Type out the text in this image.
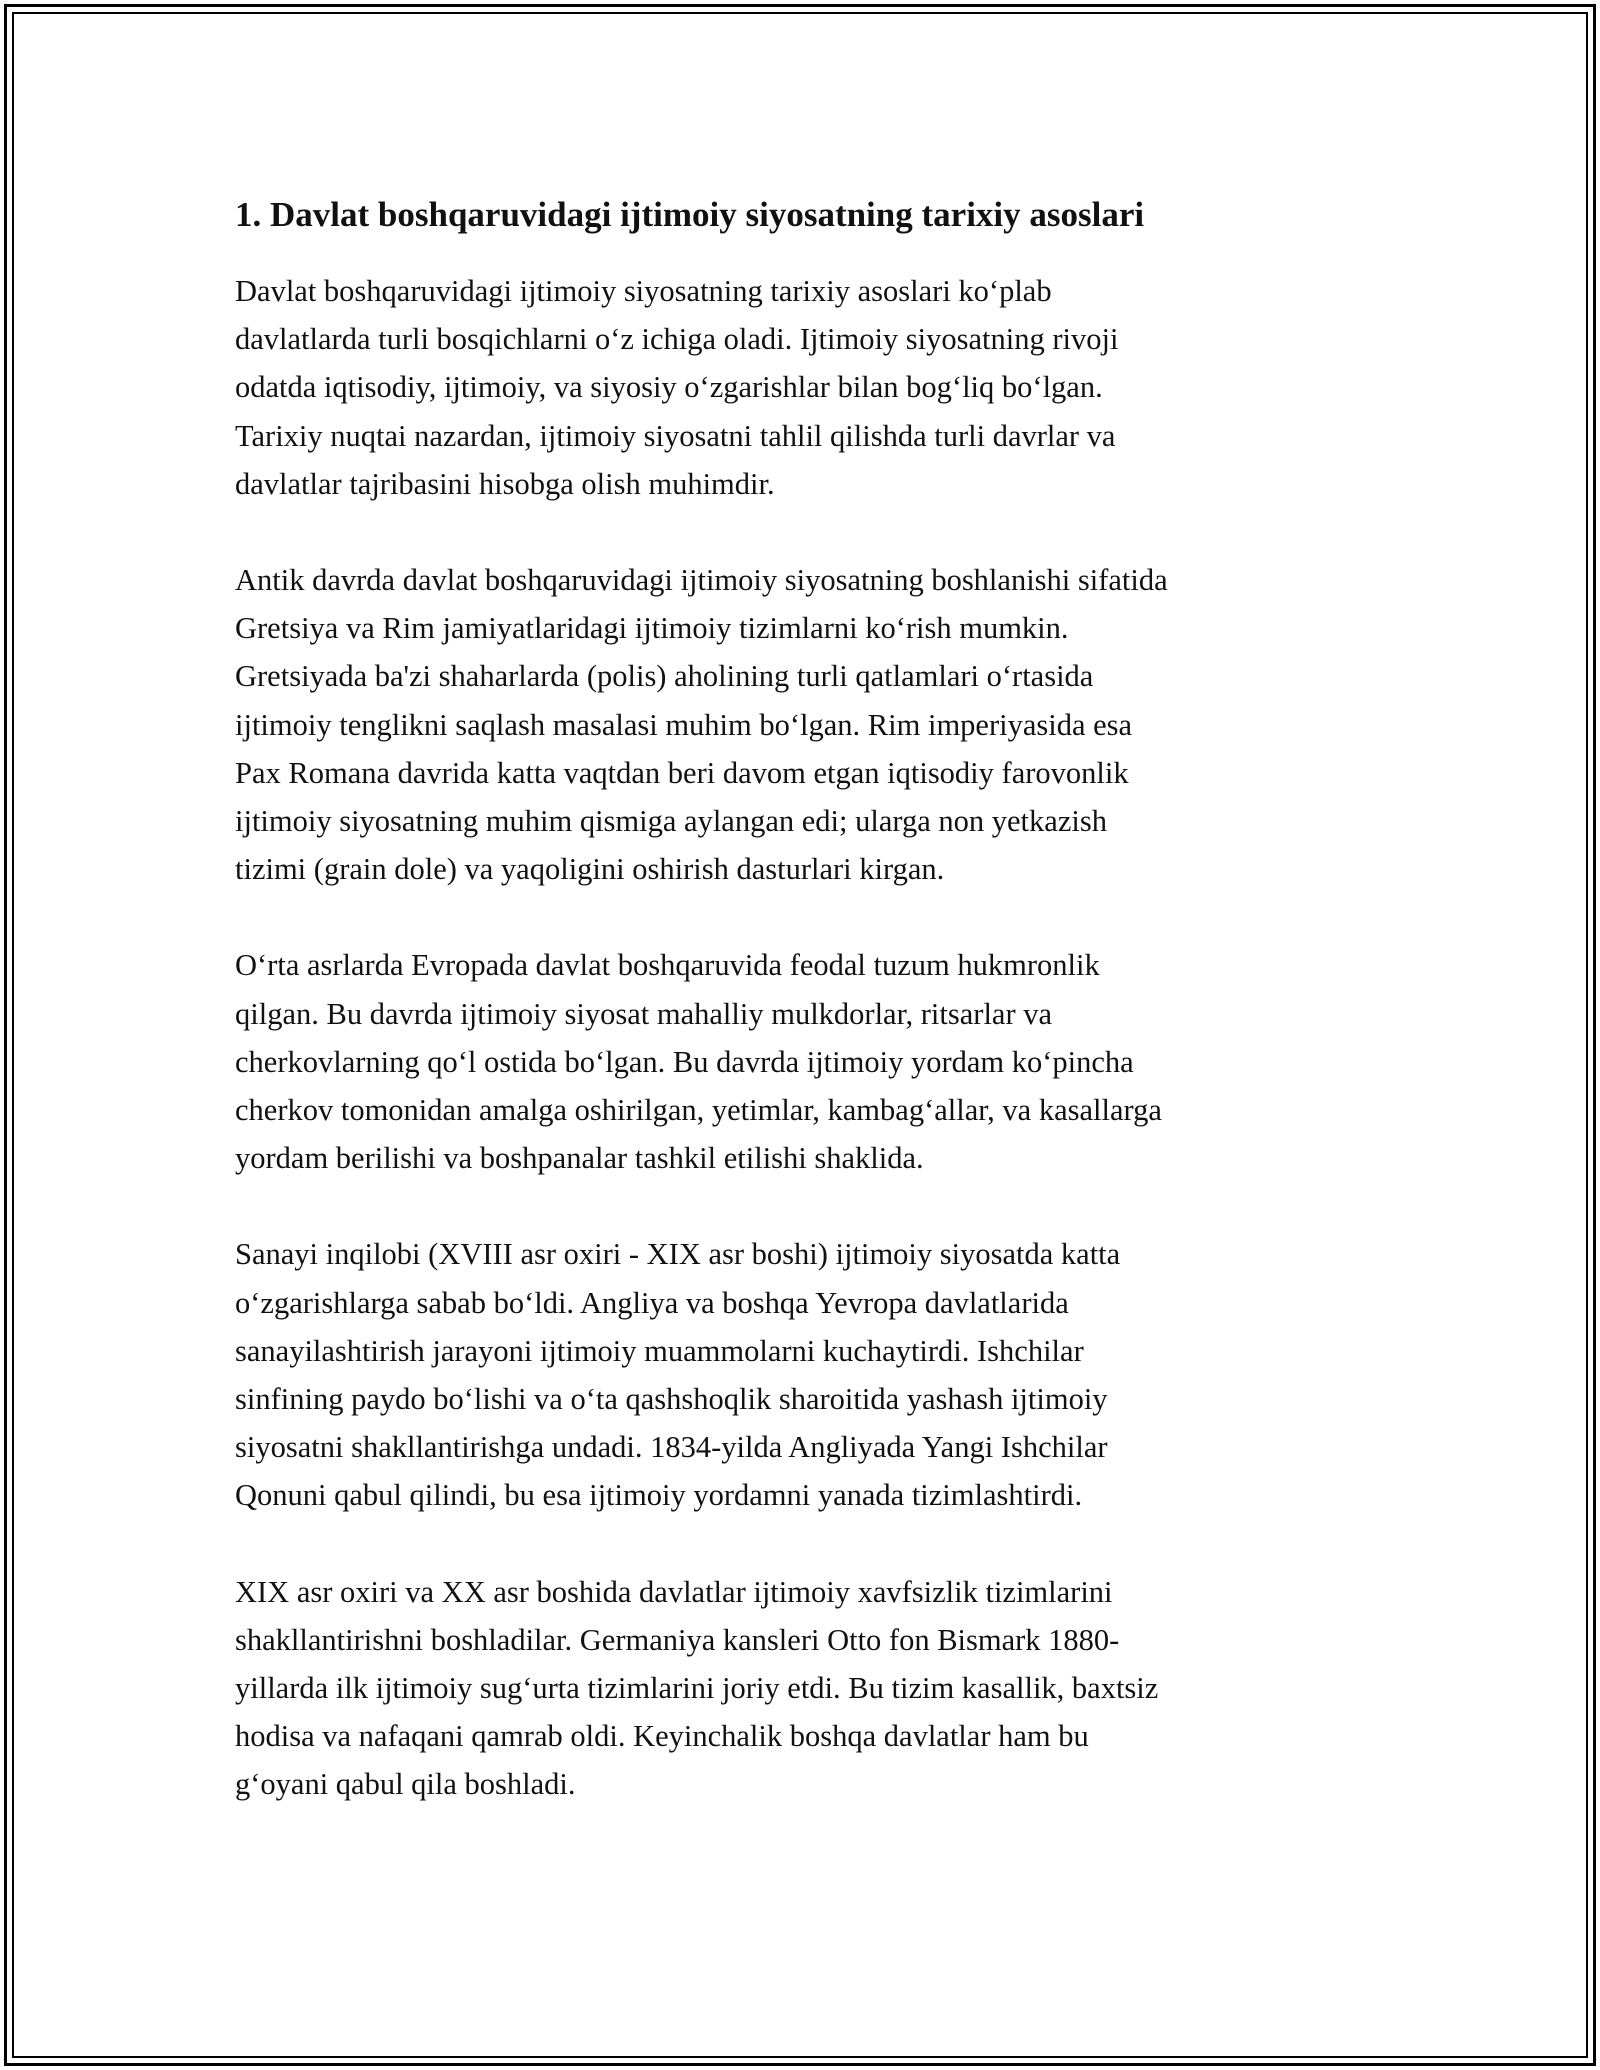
1. Davlat boshqaruvidagi ijtimoiy siyosatning tarixiy asoslari

Davlat boshqaruvidagi ijtimoiy siyosatning tarixiy asoslari ko‘plab
davlatlarda turli bosqichlarni o‘z ichiga oladi. Ijtimoiy siyosatning rivoji
odatda iqtisodiy, ijtimoiy, va siyosiy o‘zgarishlar bilan bog‘liq bo‘lgan.
Tarixiy nuqtai nazardan, ijtimoiy siyosatni tahlil qilishda turli davrlar va
davlatlar tajribasini hisobga olish muhimdir.

Antik davrda davlat boshqaruvidagi ijtimoiy siyosatning boshlanishi sifatida
Gretsiya va Rim jamiyatlaridagi ijtimoiy tizimlarni ko‘rish mumkin.
Gretsiyada ba'zi shaharlarda (polis) aholining turli qatlamlari o‘rtasida
ijtimoiy tenglikni saqlash masalasi muhim bo‘lgan. Rim imperiyasida esa
Pax Romana davrida katta vaqtdan beri davom etgan iqtisodiy farovonlik
ijtimoiy siyosatning muhim qismiga aylangan edi; ularga non yetkazish
tizimi (grain dole) va yaqoligini oshirish dasturlari kirgan.

O‘rta asrlarda Evropada davlat boshqaruvida feodal tuzum hukmronlik
qilgan. Bu davrda ijtimoiy siyosat mahalliy mulkdorlar, ritsarlar va
cherkovlarning qo‘l ostida bo‘lgan. Bu davrda ijtimoiy yordam ko‘pincha
cherkov tomonidan amalga oshirilgan, yetimlar, kambag‘allar, va kasallarga
yordam berilishi va boshpanalar tashkil etilishi shaklida.

Sanayi inqilobi (XVIII asr oxiri - XIX asr boshi) ijtimoiy siyosatda katta
o‘zgarishlarga sabab bo‘ldi. Angliya va boshqa Yevropa davlatlarida
sanayilashtirish jarayoni ijtimoiy muammolarni kuchaytirdi. Ishchilar
sinfining paydo bo‘lishi va o‘ta qashshoqlik sharoitida yashash ijtimoiy
siyosatni shakllantirishga undadi. 1834-yilda Angliyada Yangi Ishchilar
Qonuni qabul qilindi, bu esa ijtimoiy yordamni yanada tizimlashtirdi.

XIX asr oxiri va XX asr boshida davlatlar ijtimoiy xavfsizlik tizimlarini
shakllantirishni boshladilar. Germaniya kansleri Otto fon Bismark 1880-
yillarda ilk ijtimoiy sug‘urta tizimlarini joriy etdi. Bu tizim kasallik, baxtsiz
hodisa va nafaqani qamrab oldi. Keyinchalik boshqa davlatlar ham bu
g‘oyani qabul qila boshladi.
